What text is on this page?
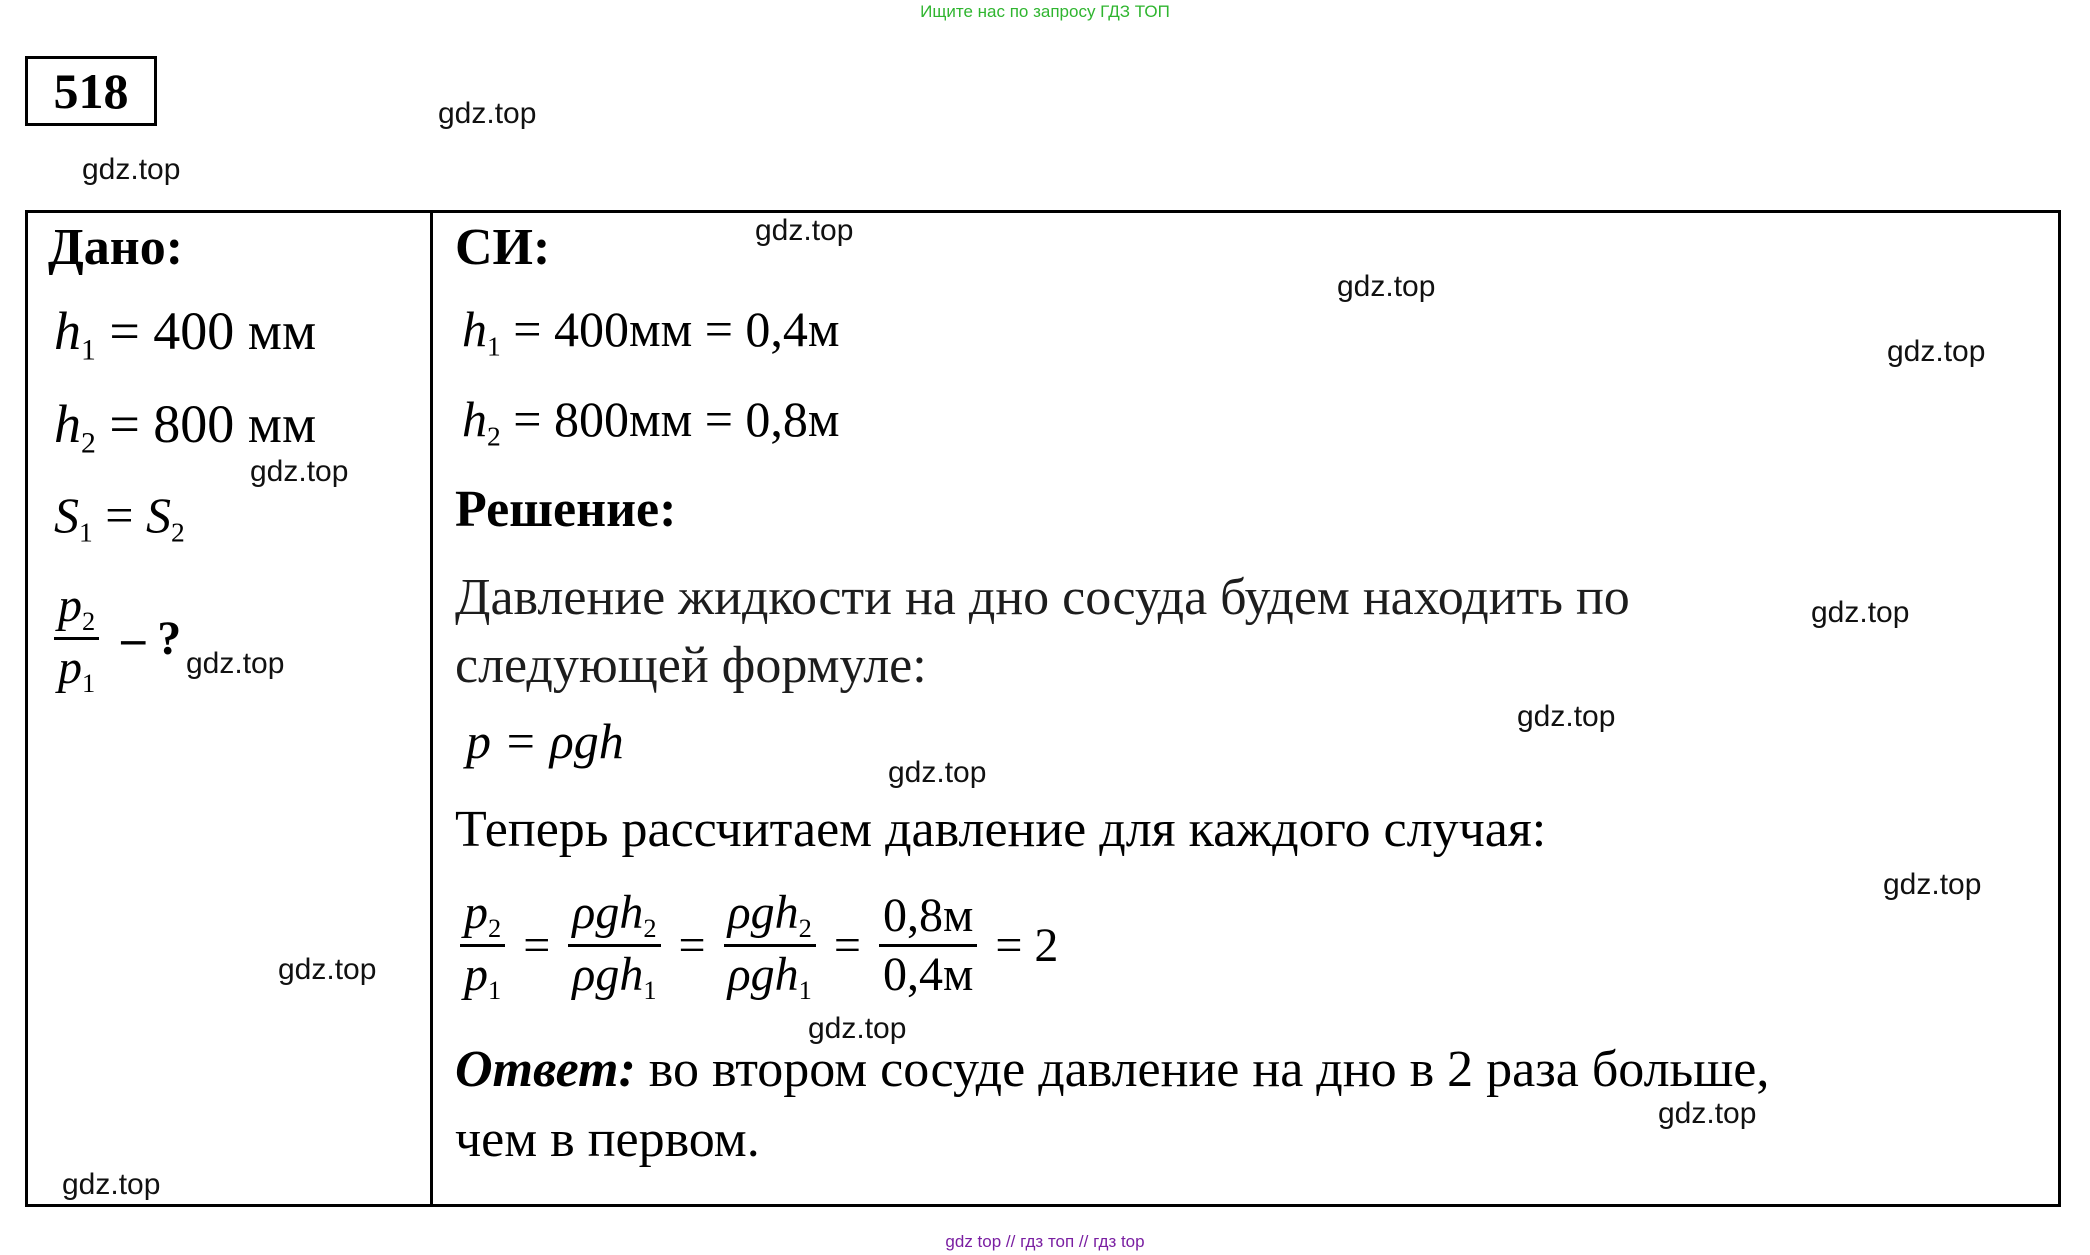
Ищите нас по запросу ГДЗ ТОП
518	gdz.top
gdz.top
gdz.top
gdz.top
gdz.top
gdz.top
gdz.top
gdz.top
gdz.top
gdz.top
gdz.top
gdz.top
gdz.top
gdz.top
gdz.top
Дано:
$h_1 = 400$ мм
$h_2 = 800$ мм
$S_1 = S_2$
$\frac{p_2}{p_1}$ – ?
СИ:
$h_1 = 400мм = 0,4м$
$h_2 = 800мм = 0,8м$
Решение:
Давление жидкости на дно сосуда будем находить по
следующей формуле:
p = ρgh
Теперь рассчитаем давление для каждого случая:
$\frac{p_2}{p_1} = \frac{\rho gh_2}{\rho gh_1} = \frac{\rho gh_2}{\rho gh_1} = \frac{0,8м}{0,4м} = 2$
Ответ: во втором сосуде давление на дно в 2 раза больше,
чем в первом.
gdz top // гдз топ // гдз top
